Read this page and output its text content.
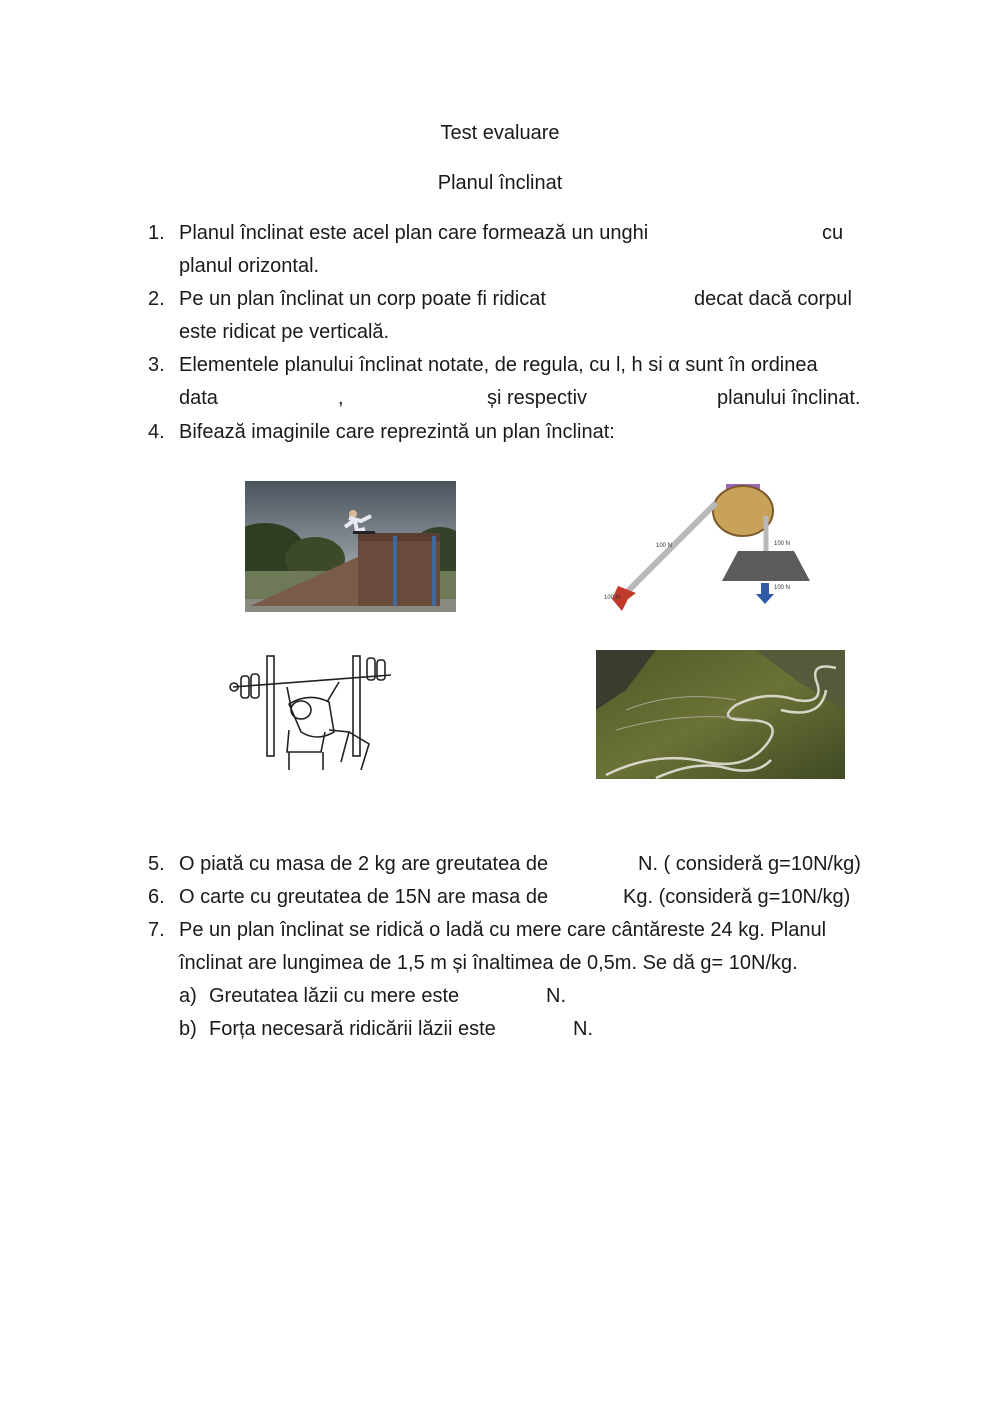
Test evaluare
Planul înclinat
1. Planul înclinat este acel plan care formează un unghi	cu
planul orizontal.
2. Pe un plan înclinat un corp poate fi ridicat	decat dacă corpul
este ridicat pe verticală.
3. Elementele planului înclinat notate, de regula, cu l, h si α sunt în ordinea
data	,	și respectiv	planului înclinat.
4. Bifează imaginile care reprezintă un plan înclinat:
100 N	100 N
100 N
100 N
5. O piată cu masa de 2 kg are greutatea de	N. ( consideră g=10N/kg)
6. O carte cu greutatea de 15N are masa de	Kg. (consideră g=10N/kg)
7. Pe un plan înclinat se ridică o ladă cu mere care cântăreste 24 kg. Planul
înclinat are lungimea de 1,5 m și înaltimea de 0,5m. Se dă g= 10N/kg.
a) Greutatea lăzii cu mere este	N.
b) Forța necesară ridicării lăzii este	N.
